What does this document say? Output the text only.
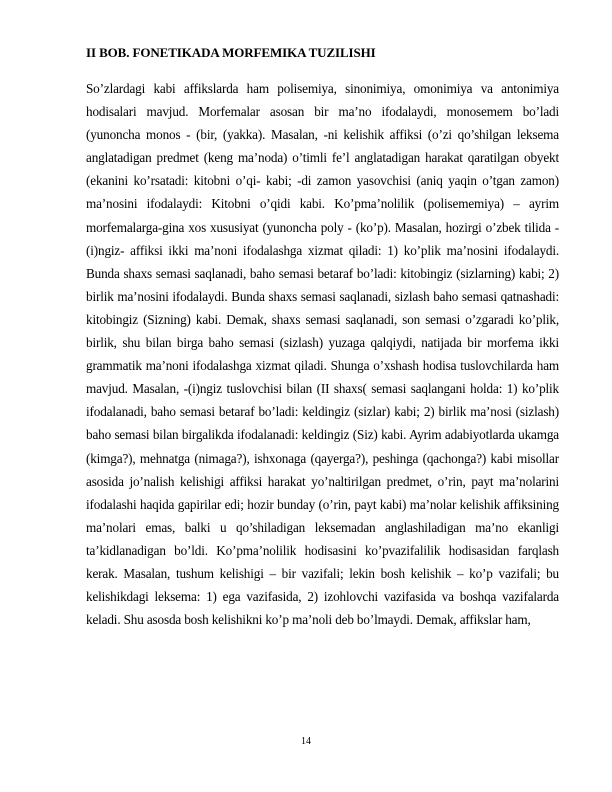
II BOB. FONETIKADA MORFEMIKA TUZILISHI

So’zlardagi kabi affikslarda ham polisemiya, sinonimiya, omonimiya va antonimiya hodisalari mavjud. Morfemalar asosan bir ma’no ifodalaydi, monosemem bo’ladi (yunoncha monos - (bir, (yakka). Masalan, -ni kelishik affiksi (o’zi qo’shilgan leksema anglatadigan predmet (keng ma’noda) o’timli fe’l anglatadigan harakat qaratilgan obyekt (ekanini ko’rsatadi: kitobni o’qi- kabi; -di zamon yasovchisi (aniq yaqin o’tgan zamon) ma’nosini ifodalaydi: Kitobni o’qidi kabi. Ko’pma’nolilik (polisememiya) – ayrim morfemalarga-gina xos xususiyat (yunoncha poly - (ko’p). Masalan, hozirgi o’zbek tilida -(i)ngiz- affiksi ikki ma’noni ifodalashga xizmat qiladi: 1) ko’plik ma’nosini ifodalaydi. Bunda shaxs semasi saqlanadi, baho semasi betaraf bo’ladi: kitobingiz (sizlarning) kabi; 2) birlik ma’nosini ifodalaydi. Bunda shaxs semasi saqlanadi, sizlash baho semasi qatnashadi: kitobingiz (Sizning) kabi. Demak, shaxs semasi saqlanadi, son semasi o’zgaradi ko’plik, birlik, shu bilan birga baho semasi (sizlash) yuzaga qalqiydi, natijada bir morfema ikki grammatik ma’noni ifodalashga xizmat qiladi. Shunga o’xshash hodisa tuslovchilarda ham mavjud. Masalan, -(i)ngiz tuslovchisi bilan (II shaxs( semasi saqlangani holda: 1) ko’plik ifodalanadi, baho semasi betaraf bo’ladi: keldingiz (sizlar) kabi; 2) birlik ma’nosi (sizlash) baho semasi bilan birgalikda ifodalanadi: keldingiz (Siz) kabi. Ayrim adabiyotlarda ukamga (kimga?), mehnatga (nimaga?), ishxonaga (qayerga?), peshinga (qachonga?) kabi misollar asosida jo’nalish kelishigi affiksi harakat yo’naltirilgan predmet, o’rin, payt ma’nolarini ifodalashi haqida gapirilar edi; hozir bunday (o’rin, payt kabi) ma’nolar kelishik affiksining ma’nolari emas, balki u qo’shiladigan leksemadan anglashiladigan ma’no ekanligi ta’kidlanadigan bo’ldi. Ko’pma’nolilik hodisasini ko’pvazifalilik hodisasidan farqlash kerak. Masalan, tushum kelishigi – bir vazifali; lekin bosh kelishik – ko’p vazifali; bu kelishikdagi leksema: 1) ega vazifasida, 2) izohlovchi vazifasida va boshqa vazifalarda keladi. Shu asosda bosh kelishikni ko’p ma’noli deb bo’lmaydi. Demak, affikslar ham,

14
